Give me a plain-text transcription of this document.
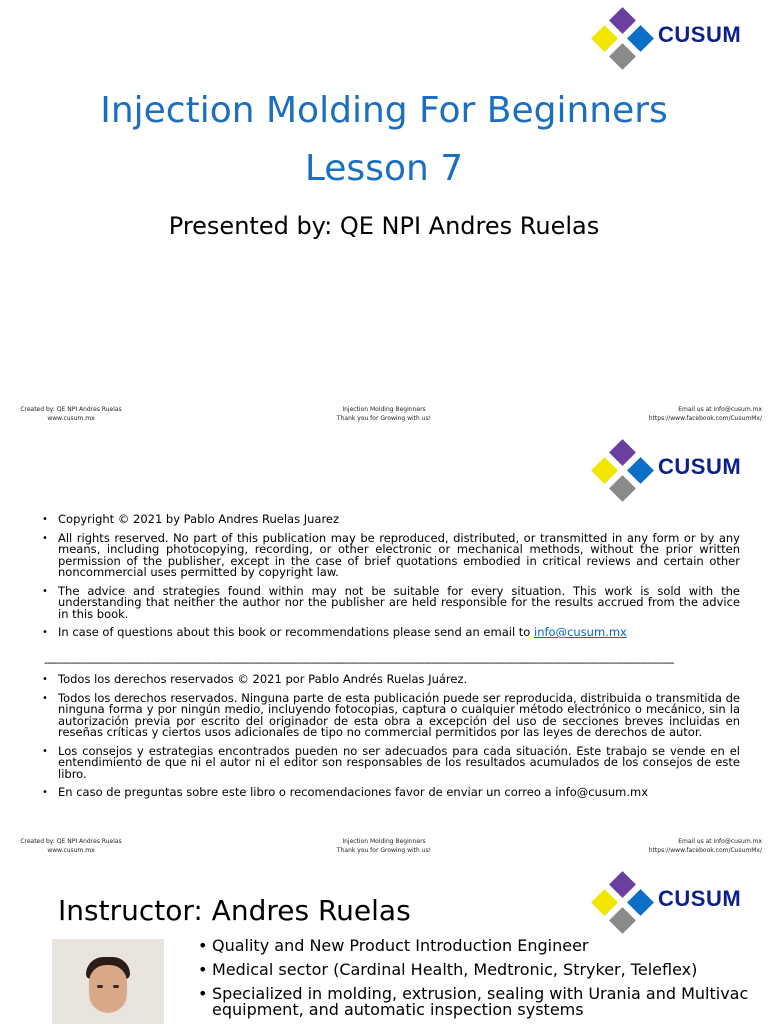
CUSUM
Injection Molding For Beginners
Lesson 7
Presented by: QE NPI Andres Ruelas
Created by: QE NPI Andres Ruelas
www.cusum.mx
Injection Molding Beginners
Thank you for Growing with us!
Email us at info@cusum.mx
https://www.facebook.com/CusumMx/
CUSUM
• Copyright © 2021 by Pablo Andres Ruelas Juarez
• All rights reserved. No part of this publication may be reproduced, distributed, or transmitted in any form or by any means, including photocopying, recording, or other electronic or mechanical methods, without the prior written permission of the publisher, except in the case of brief quotations embodied in critical reviews and certain other noncommercial uses permitted by copyright law.
• The advice and strategies found within may not be suitable for every situation. This work is sold with the understanding that neither the author nor the publisher are held responsible for the results accrued from the advice in this book.
• In case of questions about this book or recommendations please send an email to info@cusum.mx
--------------------------------------------------------------------------------------------------------------------------------------------------------------------------------------------------------------------
• Todos los derechos reservados © 2021 por Pablo Andrés Ruelas Juárez.
• Todos los derechos reservados. Ninguna parte de esta publicación puede ser reproducida, distribuida o transmitida de ninguna forma y por ningún medio, incluyendo fotocopias, captura o cualquier método electrónico o mecánico, sin la autorización previa por escrito del originador de esta obra a excepción del uso de secciones breves incluidas en reseñas críticas y ciertos usos adicionales de tipo no commercial permitidos por las leyes de derechos de autor.
• Los consejos y estrategias encontrados pueden no ser adecuados para cada situación. Este trabajo se vende en el entendimiento de que ni el autor ni el editor son responsables de los resultados acumulados de los consejos de este libro.
• En caso de preguntas sobre este libro o recomendaciones favor de enviar un correo a info@cusum.mx
Created by: QE NPI Andres Ruelas
www.cusum.mx
Injection Molding Beginners
Thank you for Growing with us!
Email us at info@cusum.mx
https://www.facebook.com/CusumMx/
CUSUM
Instructor: Andres Ruelas
• Quality and New Product Introduction Engineer
• Medical sector (Cardinal Health, Medtronic, Stryker, Teleflex)
• Specialized in molding, extrusion, sealing with Urania and Multivac equipment, and automatic inspection systems
